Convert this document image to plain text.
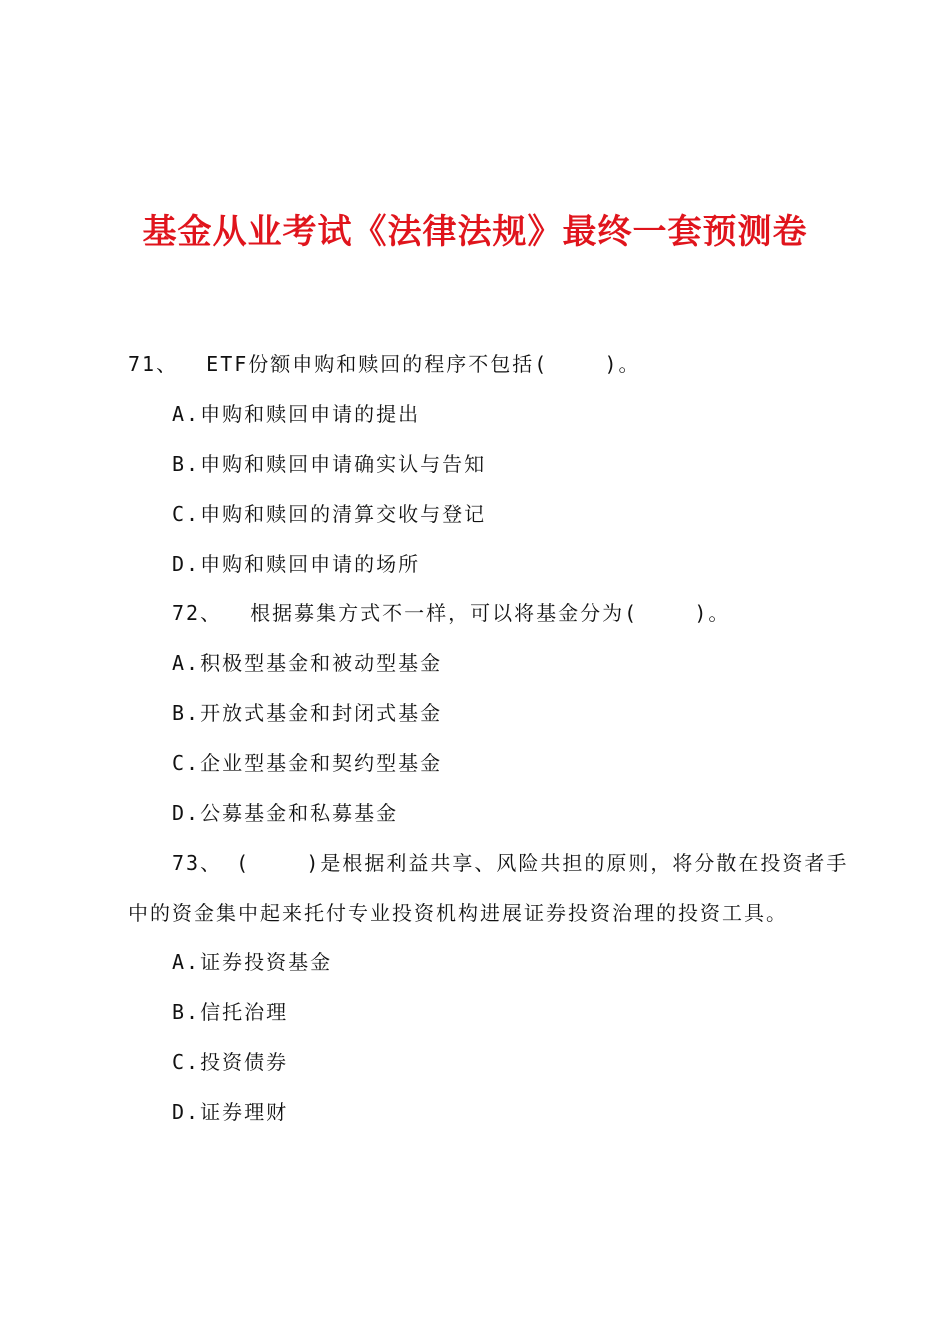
基金从业考试《法律法规》最终一套预测卷
71、  ETF份额申购和赎回的程序不包括(    )。
A.申购和赎回申请的提出
B.申购和赎回申请确实认与告知
C.申购和赎回的清算交收与登记
D.申购和赎回申请的场所
72、  根据募集方式不一样，可以将基金分为(    )。
A.积极型基金和被动型基金
B.开放式基金和封闭式基金
C.企业型基金和契约型基金
D.公募基金和私募基金
73、 (    )是根据利益共享、风险共担的原则，将分散在投资者手
中的资金集中起来托付专业投资机构进展证券投资治理的投资工具。
A.证券投资基金
B.信托治理
C.投资债券
D.证券理财
